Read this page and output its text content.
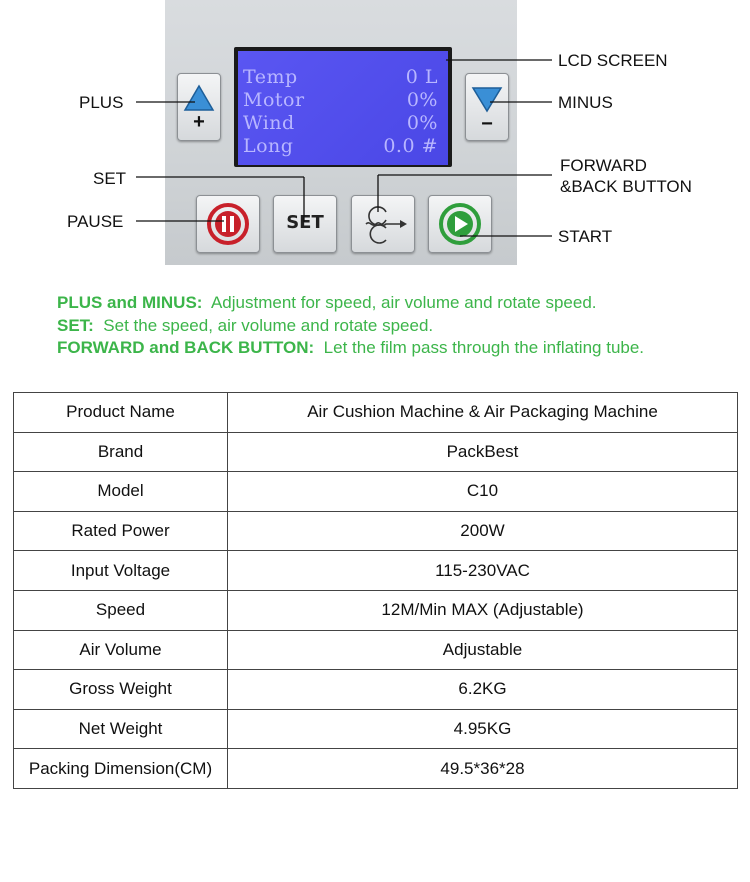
Temp	0 L
Motor	0%
Wind	0%
Long	0.0 #
+	−
SET
PLUS	MINUS
LCD SCREEN
SET
PAUSE
FORWARD
&BACK BUTTON
START
PLUS and MINUS: Adjustment for speed, air volume and rotate speed.
SET: Set the speed, air volume and rotate speed.
FORWARD and BACK BUTTON: Let the film pass through the inflating tube.
Product Name	Air Cushion Machine & Air Packaging Machine
Brand	PackBest
Model	C10
Rated Power	200W
Input Voltage	115-230VAC
Speed	12M/Min MAX (Adjustable)
Air Volume	Adjustable
Gross Weight	6.2KG
Net Weight	4.95KG
Packing Dimension(CM)	49.5*36*28
